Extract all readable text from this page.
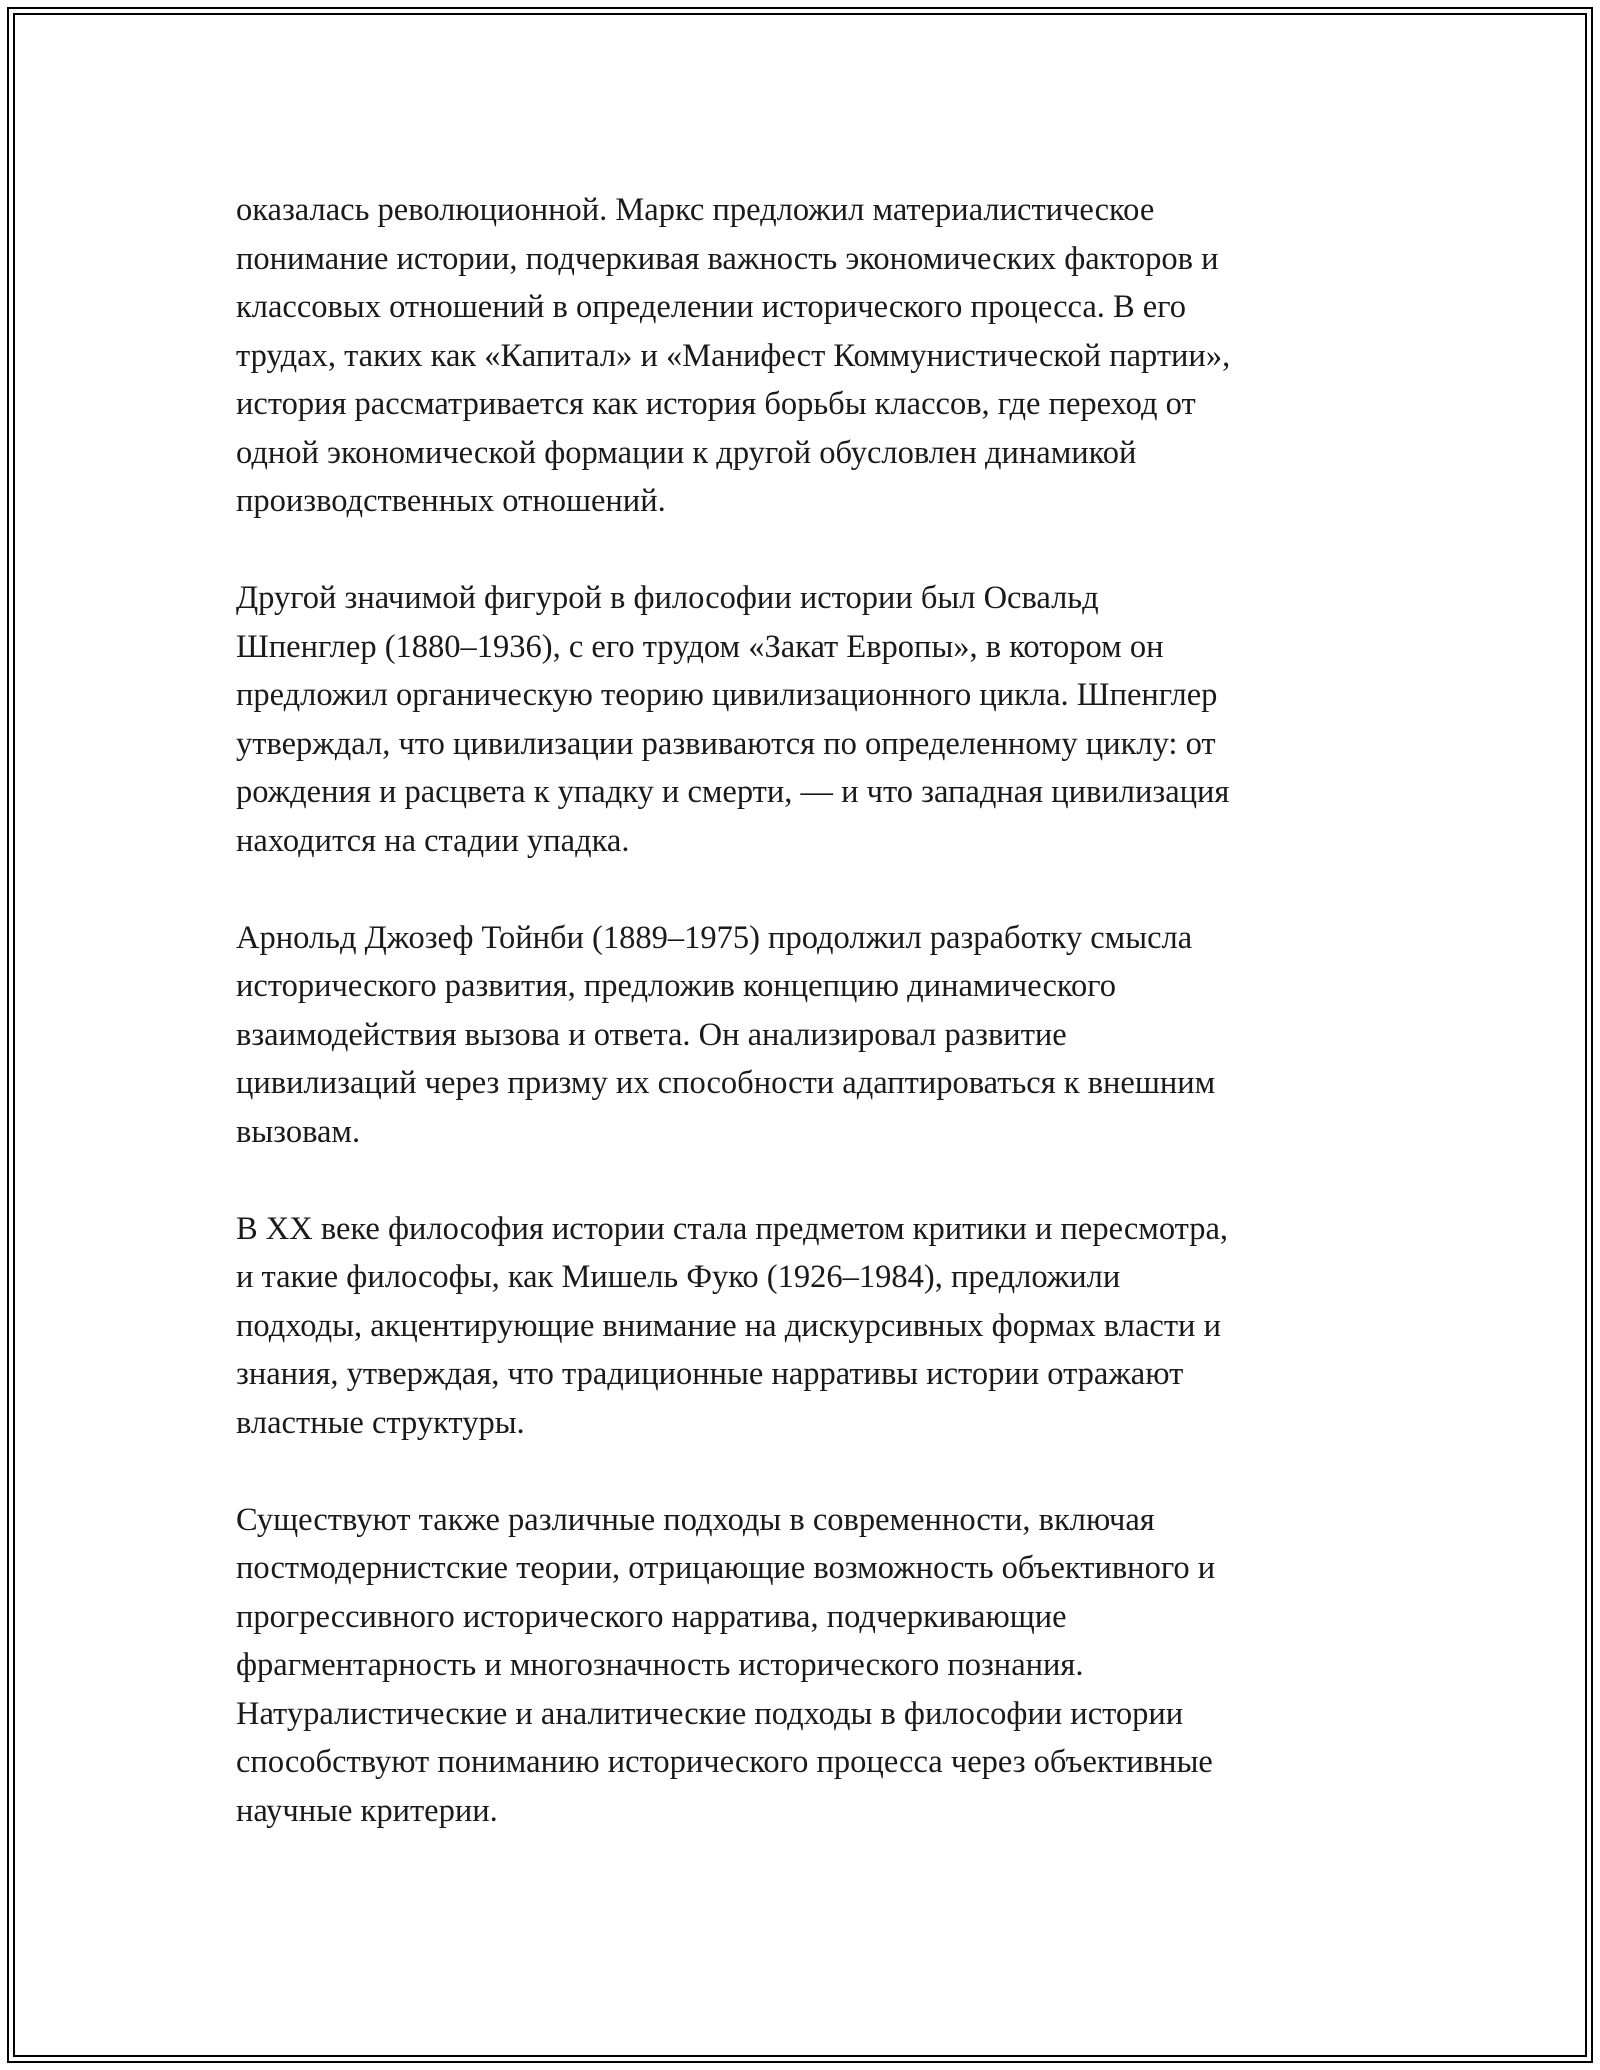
оказалась революционной. Маркс предложил материалистическое
понимание истории, подчеркивая важность экономических факторов и
классовых отношений в определении исторического процесса. В его
трудах, таких как «Капитал» и «Манифест Коммунистической партии»,
история рассматривается как история борьбы классов, где переход от
одной экономической формации к другой обусловлен динамикой
производственных отношений.

Другой значимой фигурой в философии истории был Освальд
Шпенглер (1880–1936), с его трудом «Закат Европы», в котором он
предложил органическую теорию цивилизационного цикла. Шпенглер
утверждал, что цивилизации развиваются по определенному циклу: от
рождения и расцвета к упадку и смерти, — и что западная цивилизация
находится на стадии упадка.

Арнольд Джозеф Тойнби (1889–1975) продолжил разработку смысла
исторического развития, предложив концепцию динамического
взаимодействия вызова и ответа. Он анализировал развитие
цивилизаций через призму их способности адаптироваться к внешним
вызовам.

В XX веке философия истории стала предметом критики и пересмотра,
и такие философы, как Мишель Фуко (1926–1984), предложили
подходы, акцентирующие внимание на дискурсивных формах власти и
знания, утверждая, что традиционные нарративы истории отражают
властные структуры.

Существуют также различные подходы в современности, включая
постмодернистские теории, отрицающие возможность объективного и
прогрессивного исторического нарратива, подчеркивающие
фрагментарность и многозначность исторического познания.
Натуралистические и аналитические подходы в философии истории
способствуют пониманию исторического процесса через объективные
научные критерии.
